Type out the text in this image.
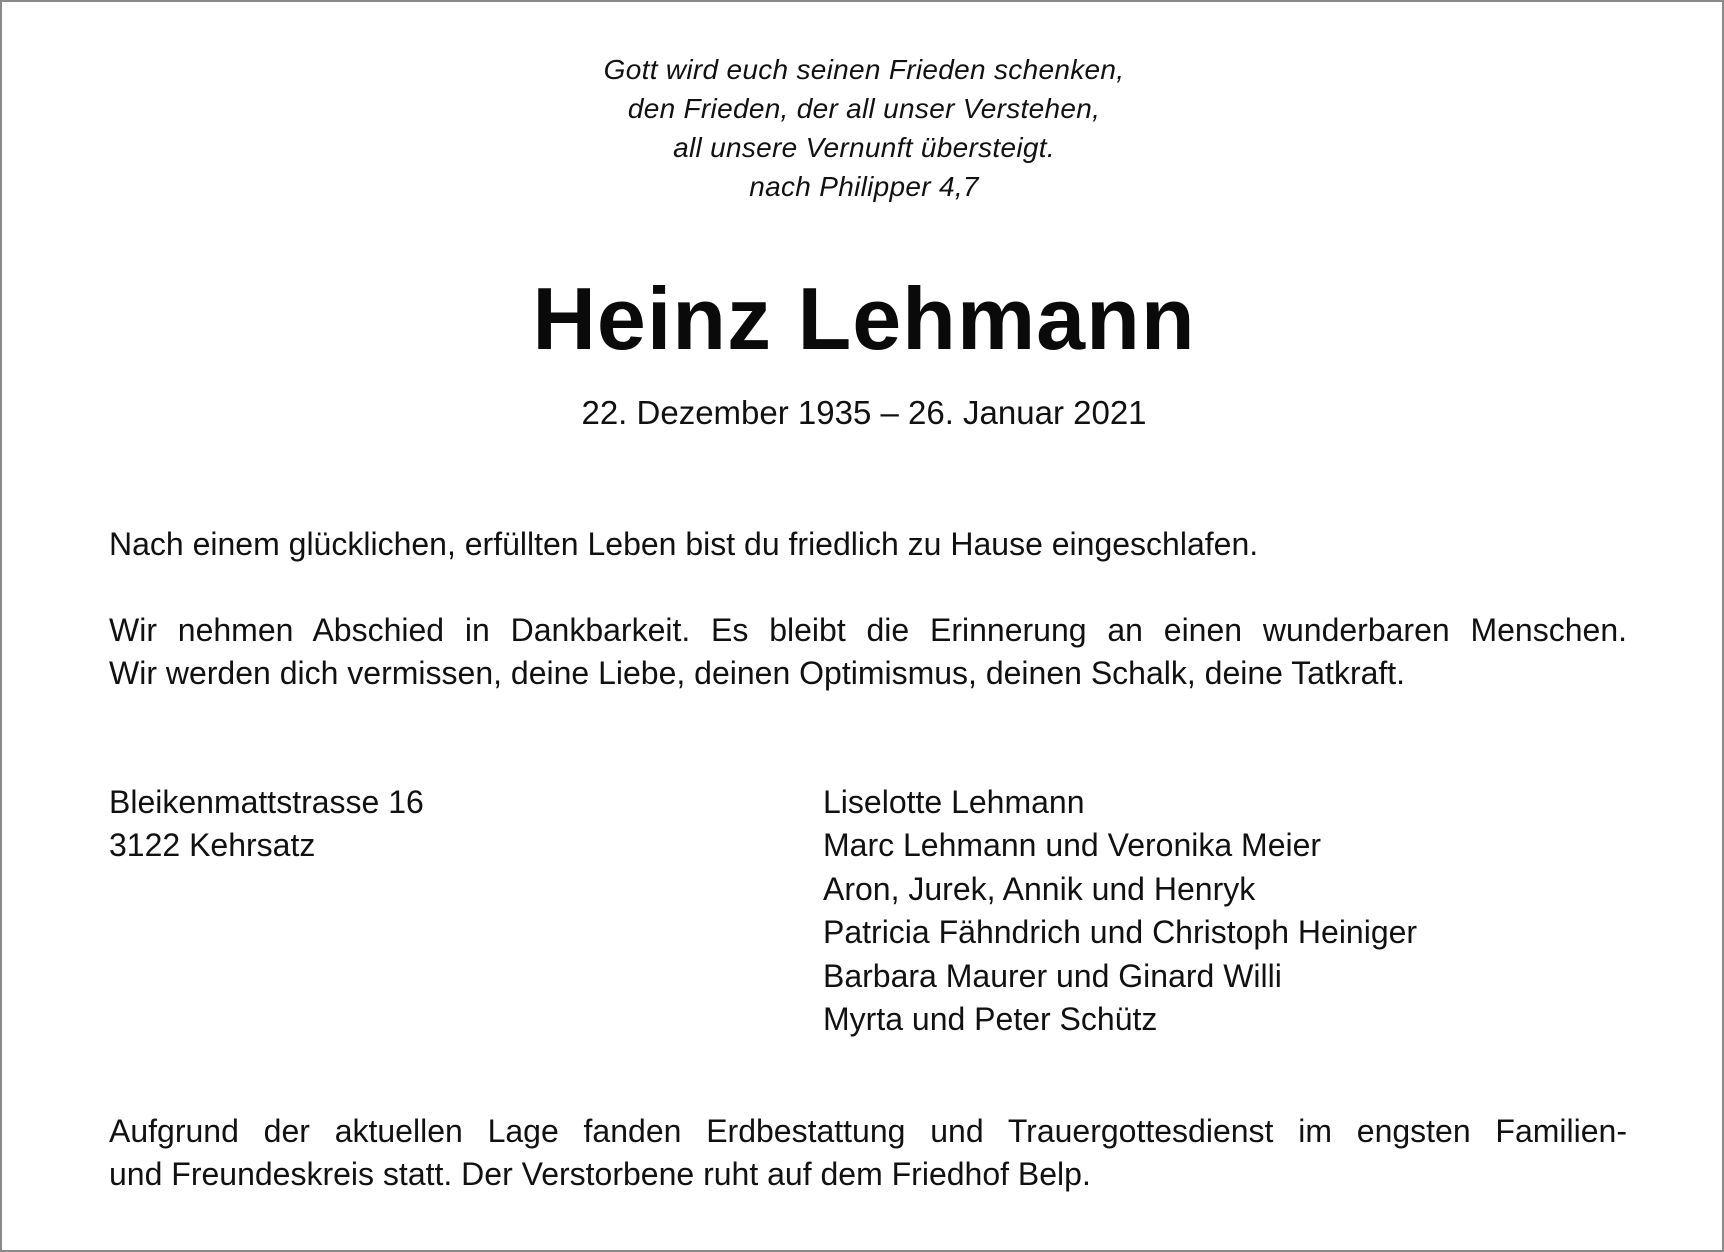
Gott wird euch seinen Frieden schenken,
den Frieden, der all unser Verstehen,
all unsere Vernunft übersteigt.
nach Philipper 4,7
Heinz Lehmann
22. Dezember 1935 – 26. Januar 2021
Nach einem glücklichen, erfüllten Leben bist du friedlich zu Hause eingeschlafen.
Wir nehmen Abschied in Dankbarkeit. Es bleibt die Erinnerung an einen wunderbaren Menschen.
Wir werden dich vermissen, deine Liebe, deinen Optimismus, deinen Schalk, deine Tatkraft.
Bleikenmattstrasse 16
3122 Kehrsatz
Liselotte Lehmann
Marc Lehmann und Veronika Meier
Aron, Jurek, Annik und Henryk
Patricia Fähndrich und Christoph Heiniger
Barbara Maurer und Ginard Willi
Myrta und Peter Schütz
Aufgrund der aktuellen Lage fanden Erdbestattung und Trauergottesdienst im engsten Familien-
und Freundeskreis statt. Der Verstorbene ruht auf dem Friedhof Belp.
